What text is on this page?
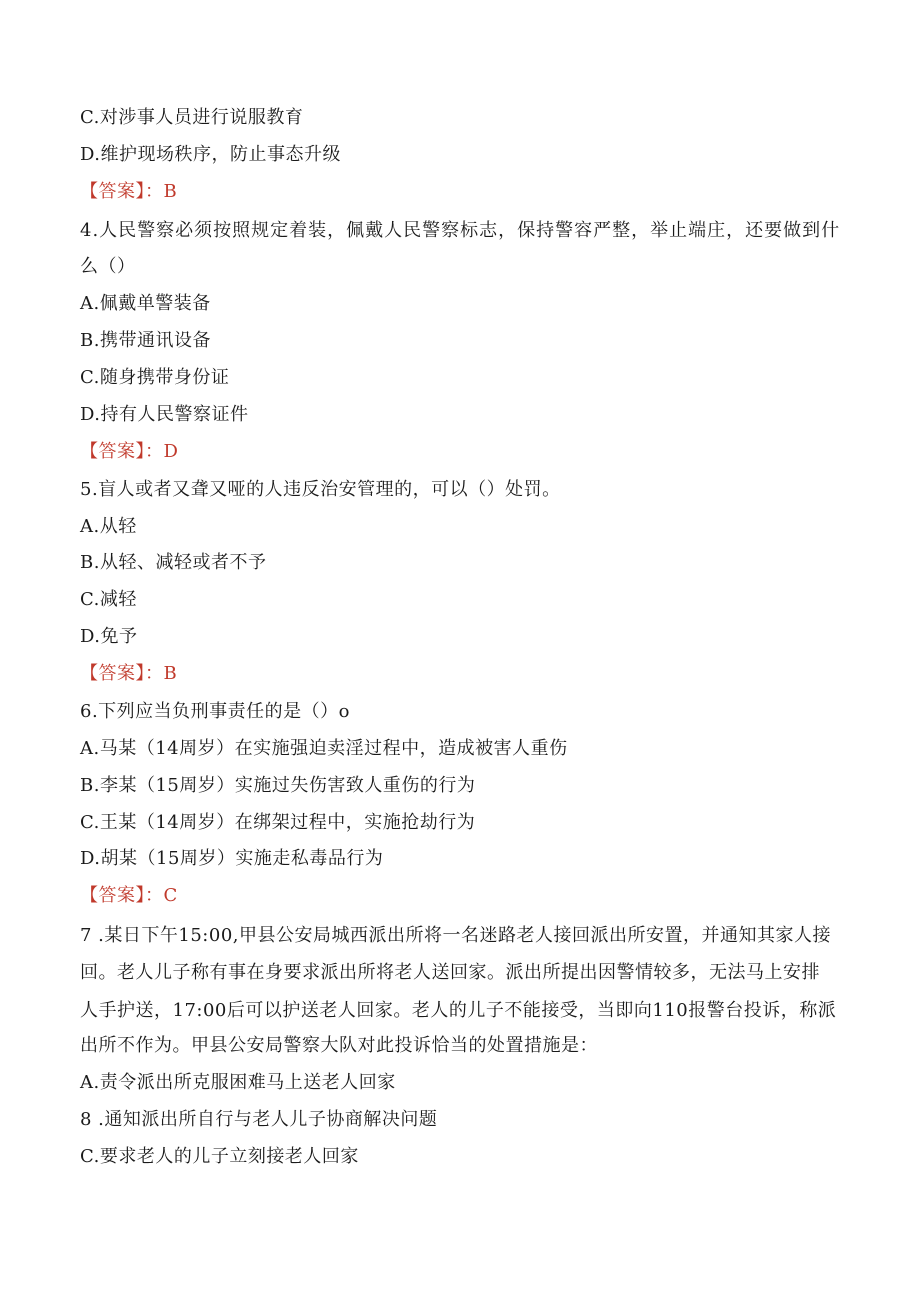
C.对涉事人员进行说服教育
D.维护现场秩序，防止事态升级
【答案】：B
4.人民警察必须按照规定着装，佩戴人民警察标志，保持警容严整，举止端庄，还要做到什
么（）
A.佩戴单警装备
B.携带通讯设备
C.随身携带身份证
D.持有人民警察证件
【答案】：D
5.盲人或者又聋又哑的人违反治安管理的，可以（）处罚。
A.从轻
B.从轻、减轻或者不予
C.减轻
D.免予
【答案】：B
6.下列应当负刑事责任的是（）o
A.马某（14周岁）在实施强迫卖淫过程中，造成被害人重伤
B.李某（15周岁）实施过失伤害致人重伤的行为
C.王某（14周岁）在绑架过程中，实施抢劫行为
D.胡某（15周岁）实施走私毒品行为
【答案】：C
7 .某日下午15:00,甲县公安局城西派出所将一名迷路老人接回派出所安置，并通知其家人接
回。老人儿子称有事在身要求派出所将老人送回家。派出所提出因警情较多，无法马上安排
人手护送，17:00后可以护送老人回家。老人的儿子不能接受，当即向110报警台投诉，称派
出所不作为。甲县公安局警察大队对此投诉恰当的处置措施是：
A.责令派出所克服困难马上送老人回家
8 .通知派出所自行与老人儿子协商解决问题
C.要求老人的儿子立刻接老人回家
